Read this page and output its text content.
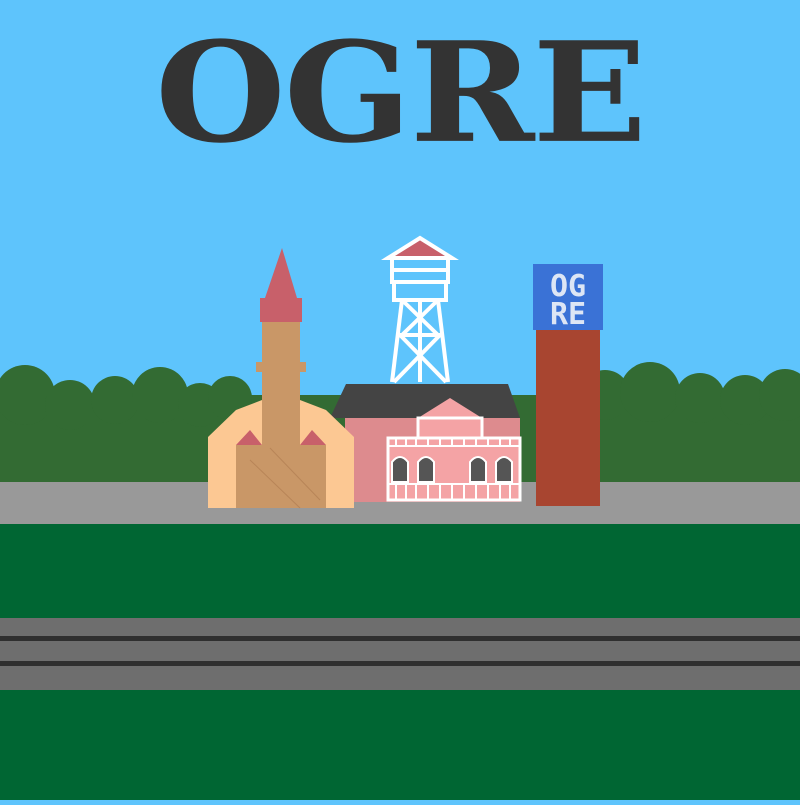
OG
RE
OGRE
